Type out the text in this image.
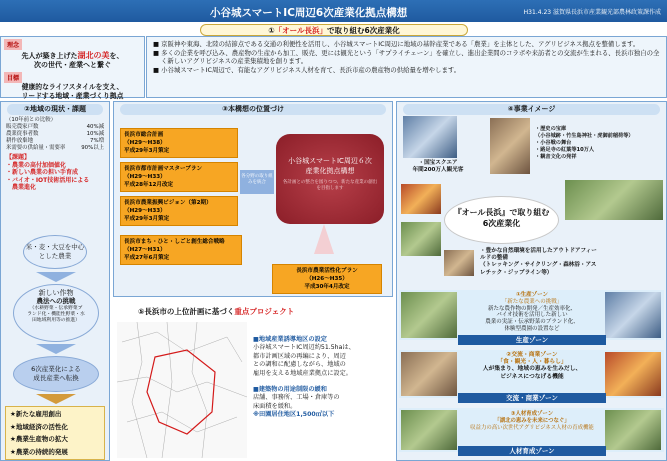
小谷城スマートIC周辺6次産業化拠点構想	H31.4.23 滋賀県長浜市産業観光部農林政策課作成
①「オール長浜」で取り組む6次産業化
理念
先人が築き上げた湖北の美を、
次の世代・産業へと繋ぐ
目標
健康的なライフスタイルを支え、
リードする地域・産業づくり拠点

■ 京阪神や東海、北陸の結節点である交通の利便性を活用し、小谷城スマートIC周辺に地域の基幹産業である「農業」を主体とした、アグリビジネス拠点を整備します。

■ 多くの企業を呼び込み、農産物の生産から加工、販売、更には観光という「サプライチェーン」を確立し、進出企業間のコラボや来訪者との交流が生まれる、長浜市独自の全く新しいアグリビジネスの産業集積地を創ります。

■ 小谷城スマートIC周辺で、有能なアグリビジネス人材を育て、長浜市産の農産物の供給量を増やします。

②地域の現状・課題
（10年前との比較）
販売農家戸数	40%減
農業従事者数	10%減
耕作放棄地	7%増
米需要の供給量・需要率	90%以上
【課題】
・農業の高付加価値化
・新しい農業の担い手育成
・バイオ・IOT技術活用による
　農業進化
米・麦・大豆を中心
とした農業
新しい作物
農法への挑戦
（水耕野菜・伝承野菜ブ
ランド化・機能性野菜・水
田地域利用等の推進）
6次産業化による
成長産業へ転換
★新たな雇用創出
★地域経済の活性化
★農業生産物の拡大
★農業の持続的発展
③本構想の位置づけ
長浜市総合計画
（H29～H38）
平成29年3月策定
長浜市都市計画マスタープラン
（H29～H33）
平成28年12月改定
長浜市農業振興ビジョン（第2期）
（H29～H33）
平成29年3月策定
長浜市まち・ひと・しごと創生総合戦略
（H27～H31）
平成27年6月策定
各分野の取り組みを統合
小谷城スマートIC周辺６次
産業化拠点構想
各計画との整合を図りつつ、新たな産業の創出を目指します
長浜市農業活性化プラン
（H26～H35）
平成30年4月改定
⑤長浜市の上位計画に基づく重点プロジェクト
■地域産業誘導地区の設定
小谷城スマートIC周辺約51.5haは、
都市計画区域の再編により、周辺
との調和に配慮しながら、地域の
雇用を支える地域産業拠点に設定。
■建築物の用途制限の緩和
店舗、事務所、工場・倉庫等の
床面積を緩和。
※田園居住地区1,500㎡以下
④事業イメージ
・国宝スクエア
年間200万人観光客
・歴史の宝庫
（小谷城跡・竹生島神社・虎御前稲荷等）
・小谷戦の舞台
・路足寺の紅葉等10万人
・観音文化の発祥
『オール長浜』で取り組む
6次産業化
・豊かな自然環境を活用したアウトドアフィー
ルドの整備
（トレッキング・サイクリング・森林浴・アス
レチック・ジップライン等）
①生産ゾーン
「新たな農業への挑戦」
新たな農作物の開発／生産効率化、
バイオ技術を活用した新しい
農業の実証・伝承野菜のブランド化、
体験型農園の設置など
生産ゾーン
②交流・商業ゾーン
「食・観光・人・暮らし」
人が集まり、地域の恵みを生みだし、
ビジネスにつなげる機能
交流・商業ゾーン
③人材育成ゾーン
「湖北の恵みを未来につなぐ」
収益力の高い次世代アグリビジネス人材の育成機能
人材育成ゾーン
